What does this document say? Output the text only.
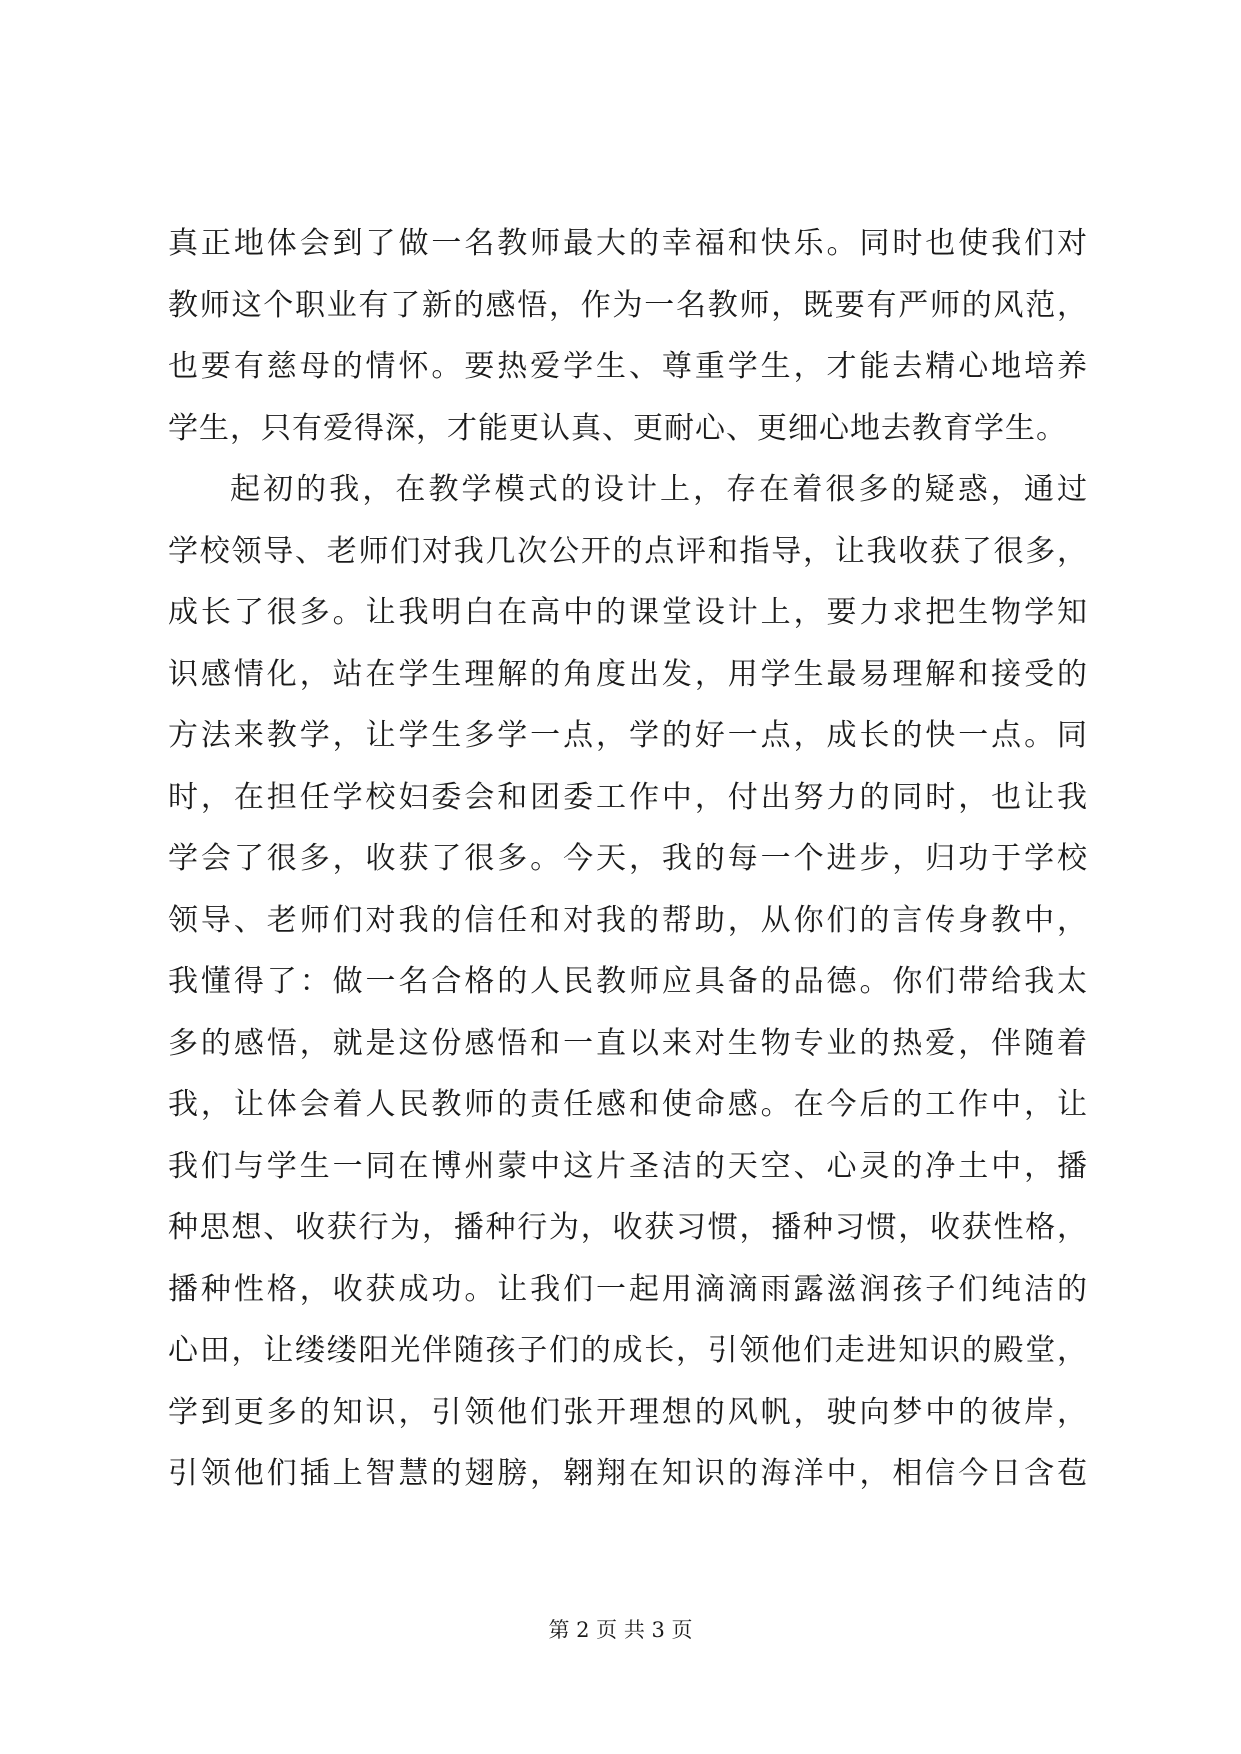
真正地体会到了做一名教师最大的幸福和快乐。同时也使我们对
教师这个职业有了新的感悟，作为一名教师，既要有严师的风范，
也要有慈母的情怀。要热爱学生、尊重学生，才能去精心地培养
学生，只有爱得深，才能更认真、更耐心、更细心地去教育学生。
起初的我，在教学模式的设计上，存在着很多的疑惑，通过
学校领导、老师们对我几次公开的点评和指导，让我收获了很多，
成长了很多。让我明白在高中的课堂设计上，要力求把生物学知
识感情化，站在学生理解的角度出发，用学生最易理解和接受的
方法来教学，让学生多学一点，学的好一点，成长的快一点。同
时，在担任学校妇委会和团委工作中，付出努力的同时，也让我
学会了很多，收获了很多。今天，我的每一个进步，归功于学校
领导、老师们对我的信任和对我的帮助，从你们的言传身教中，
我懂得了：做一名合格的人民教师应具备的品德。你们带给我太
多的感悟，就是这份感悟和一直以来对生物专业的热爱，伴随着
我，让体会着人民教师的责任感和使命感。在今后的工作中，让
我们与学生一同在博州蒙中这片圣洁的天空、心灵的净土中，播
种思想、收获行为，播种行为，收获习惯，播种习惯，收获性格，
播种性格，收获成功。让我们一起用滴滴雨露滋润孩子们纯洁的
心田，让缕缕阳光伴随孩子们的成长，引领他们走进知识的殿堂，
学到更多的知识，引领他们张开理想的风帆，驶向梦中的彼岸，
引领他们插上智慧的翅膀，翱翔在知识的海洋中，相信今日含苞
第 2 页 共 3 页
